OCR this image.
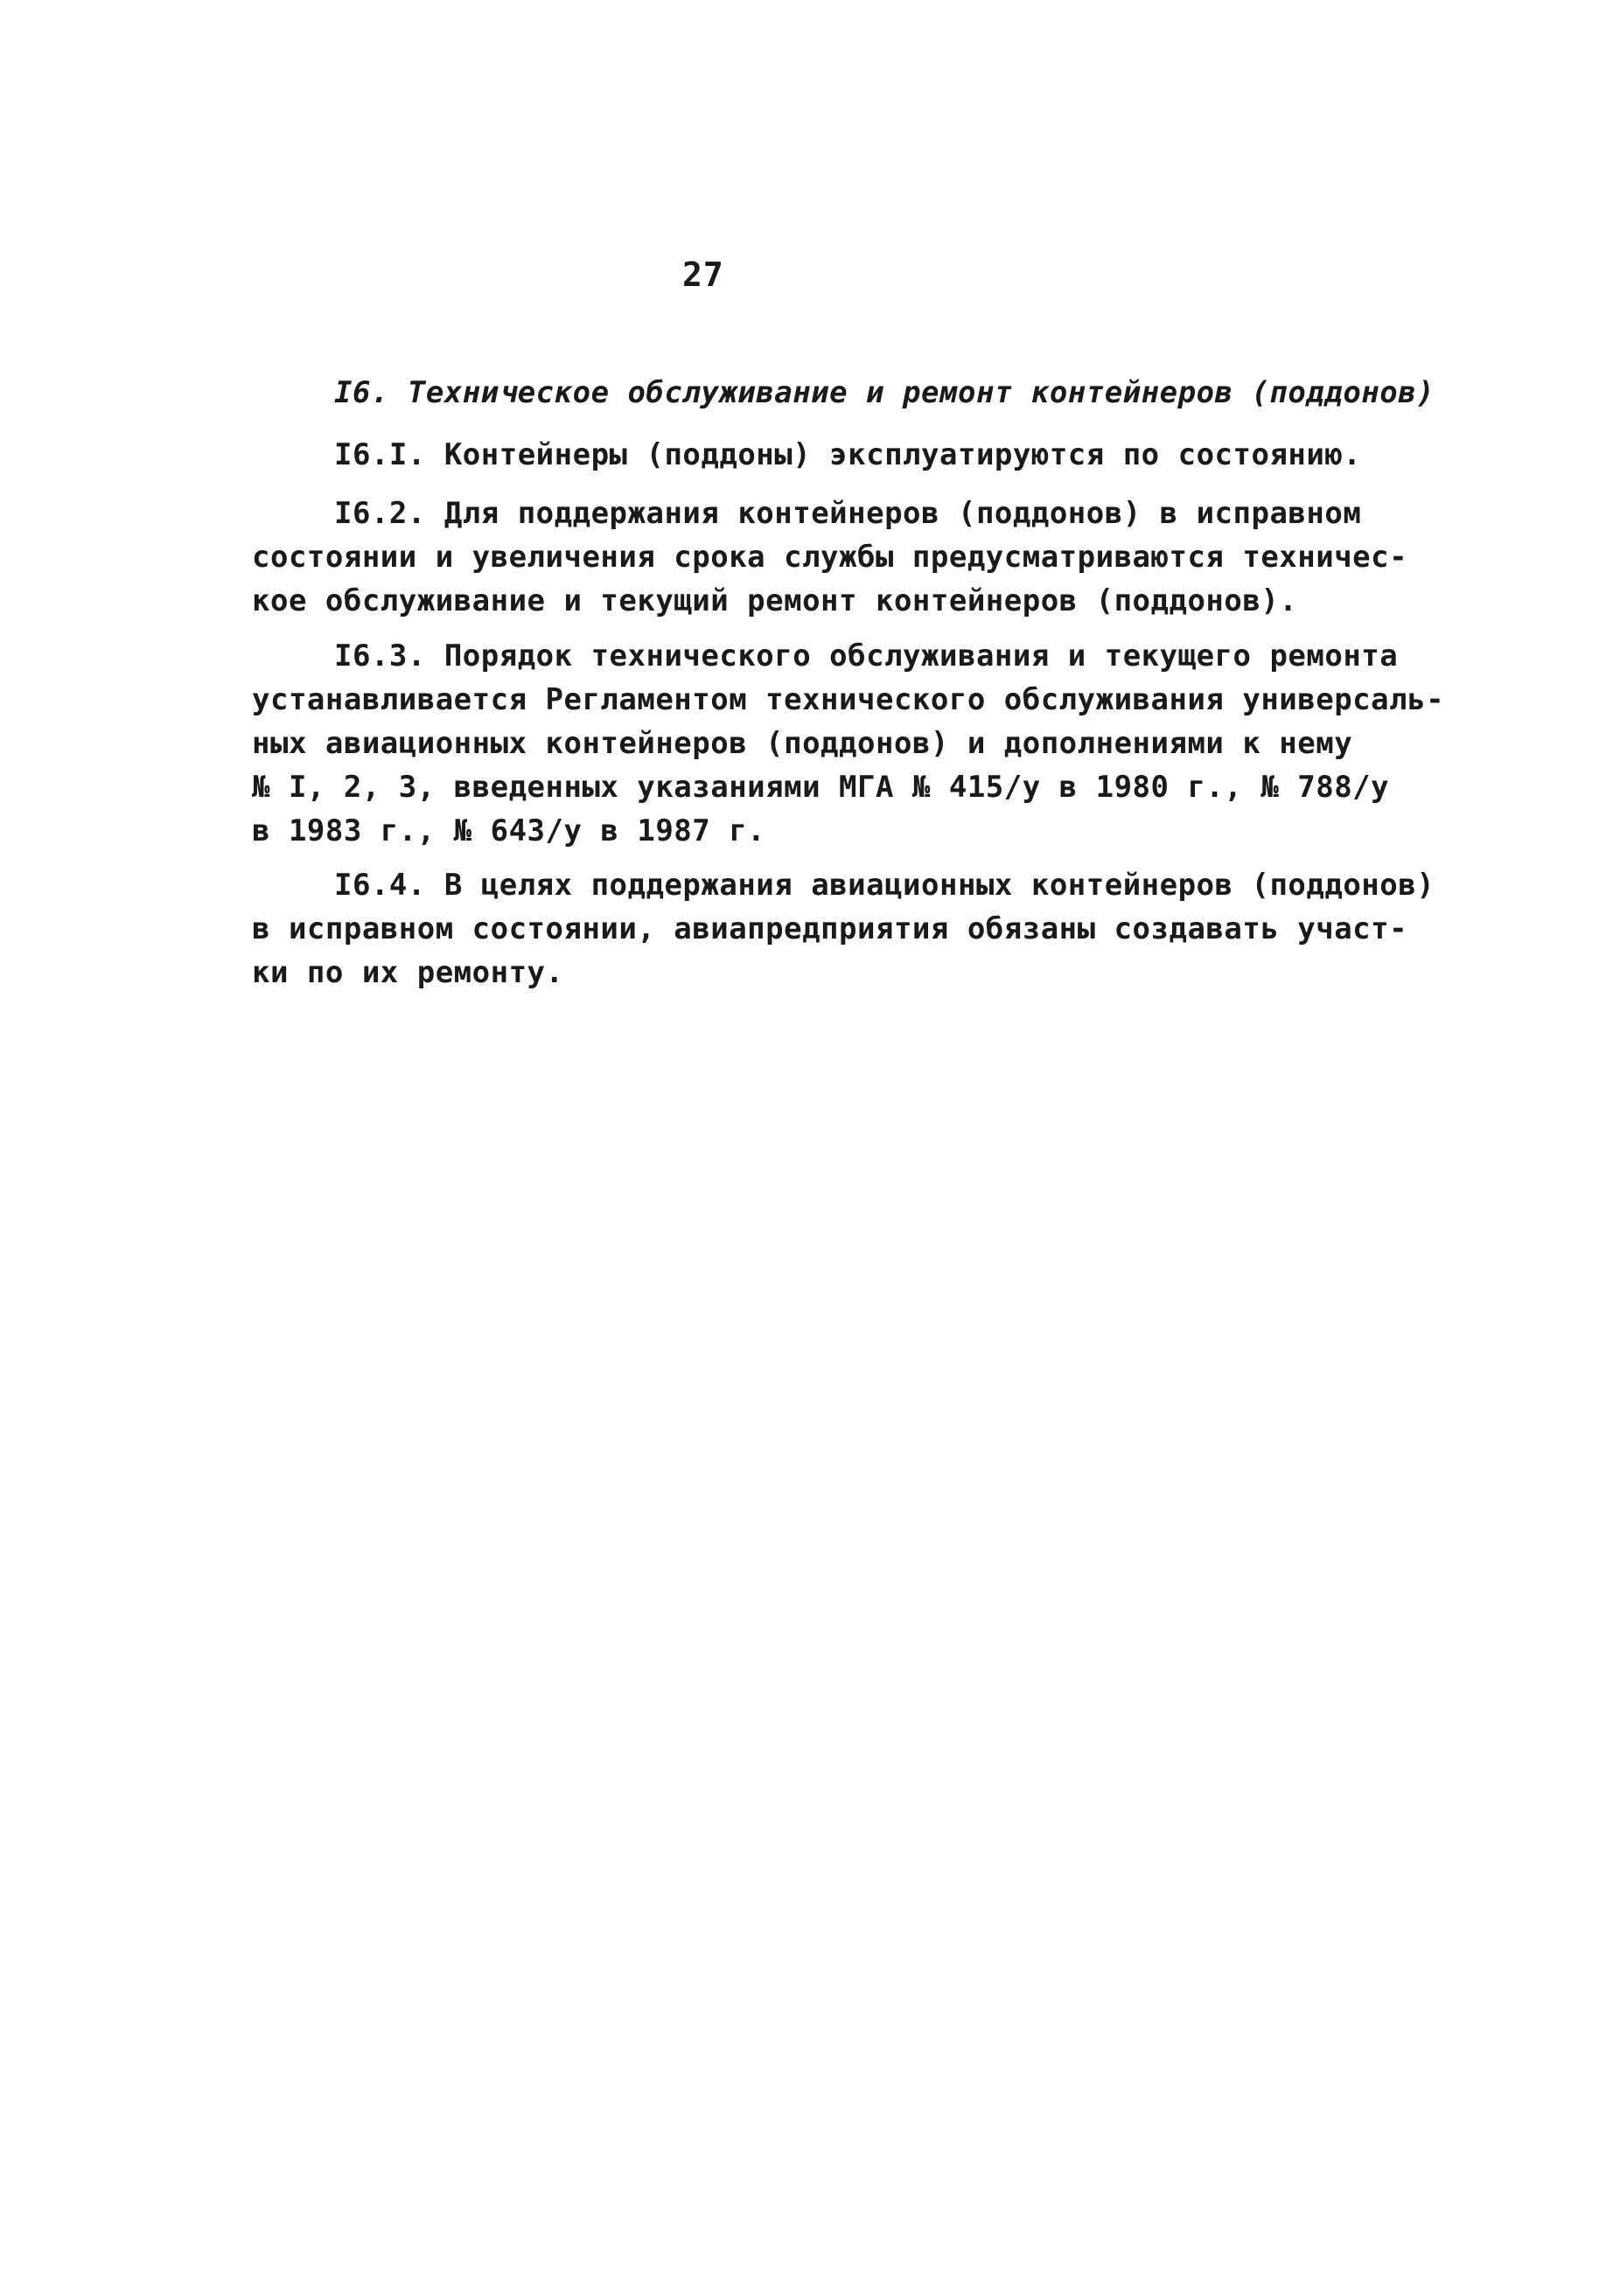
27
I6. Техническое обслуживание и ремонт контейнеров (поддонов)
I6.I. Контейнеры (поддоны) эксплуатируются по состоянию.
I6.2. Для поддержания контейнеров (поддонов) в исправном
состоянии и увеличения срока службы предусматриваются техничес-
кое обслуживание и текущий ремонт контейнеров (поддонов).
I6.3. Порядок технического обслуживания и текущего ремонта
устанавливается Регламентом технического обслуживания универсаль-
ных авиационных контейнеров (поддонов) и дополнениями к нему
№ I, 2, 3, введенных указаниями МГА № 415/у в 1980 г., № 788/у
в 1983 г., № 643/у в 1987 г.
I6.4. В целях поддержания авиационных контейнеров (поддонов)
в исправном состоянии, авиапредприятия обязаны создавать участ-
ки по их ремонту.
